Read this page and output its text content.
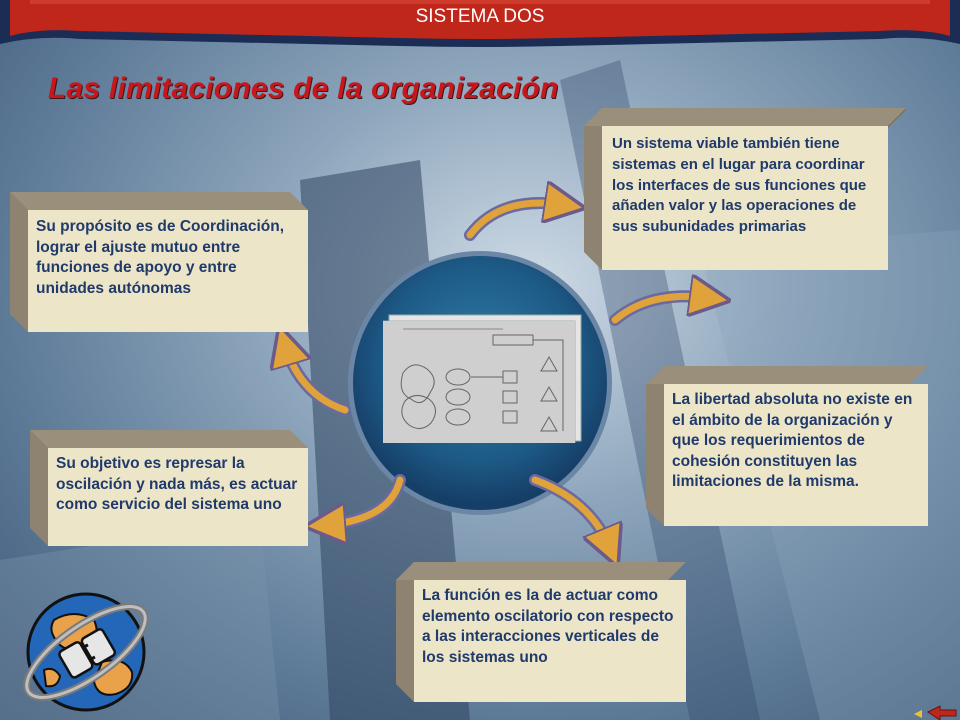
SISTEMA DOS
Las limitaciones de la organización
Un sistema viable también tiene sistemas en el lugar para coordinar los interfaces de sus funciones que añaden valor y las operaciones de sus subunidades primarias
Su propósito es de Coordinación, lograr el ajuste mutuo entre funciones de apoyo y entre unidades autónomas
La libertad absoluta no existe en el ámbito de la organización y que los requerimientos de cohesión constituyen las limitaciones de la misma.
Su objetivo es represar la oscilación y nada más, es actuar como servicio del sistema uno
La función es la de actuar como elemento oscilatorio con respecto a las interacciones verticales de los sistemas uno
